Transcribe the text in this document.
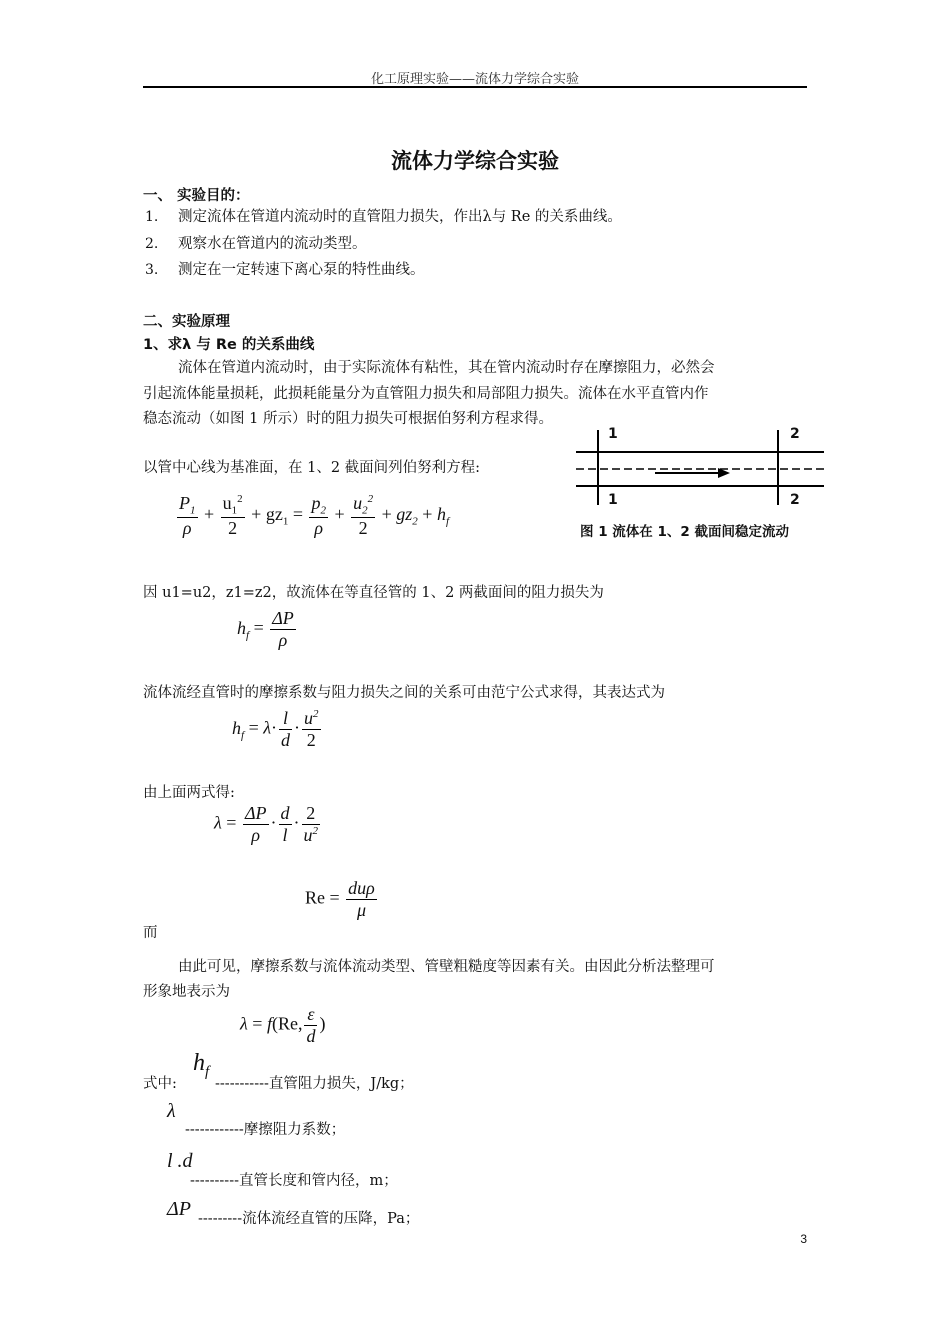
化工原理实验——流体力学综合实验
流体力学综合实验
一、 实验目的：
1. 测定流体在管道内流动时的直管阻力损失，作出λ与 Re 的关系曲线。
2. 观察水在管道内的流动类型。
3. 测定在一定转速下离心泵的特性曲线。
二、实验原理
1、求λ 与 Re 的关系曲线
流体在管道内流动时，由于实际流体有粘性，其在管内流动时存在摩擦阻力，必然会
引起流体能量损耗，此损耗能量分为直管阻力损失和局部阻力损失。流体在水平直管内作
稳态流动（如图 1 所示）时的阻力损失可根据伯努利方程求得。
以管中心线为基准面，在 1、2 截面间列伯努利方程:
$\frac{P_1}{\rho} + \frac{u_1^2}{2} + gz_1 = \frac{p_2}{\rho} + \frac{u_2^2}{2} + gz_2 + h_f$
1	2
1	2
图 1 流体在 1、2 截面间稳定流动
因 u1=u2，z1=z2，故流体在等直径管的 1、2 两截面间的阻力损失为
$h_f = \frac{\Delta P}{\rho}$
流体流经直管时的摩擦系数与阻力损失之间的关系可由范宁公式求得，其表达式为
$h_f = \lambda\cdot \frac{l}{d} \cdot \frac{u^2}{2}$
由上面两式得:
$\lambda = \frac{\Delta P}{\rho} \cdot \frac{d}{l} \cdot \frac{2}{u^2}$
$Re = \frac{\text{duρ}}{\mu}$
而
由此可见，摩擦系数与流体流动类型、管壁粗糙度等因素有关。由因此分析法整理可
形象地表示为
λ = f(Re, $\frac{\varepsilon}{d}$ )
式中:
$h_f$
-----------直管阻力损失，J/kg；
λ
------------摩擦阻力系数；
l .d
----------直管长度和管内径，m；
ΔP ---------流体流经直管的压降，Pa；
3
